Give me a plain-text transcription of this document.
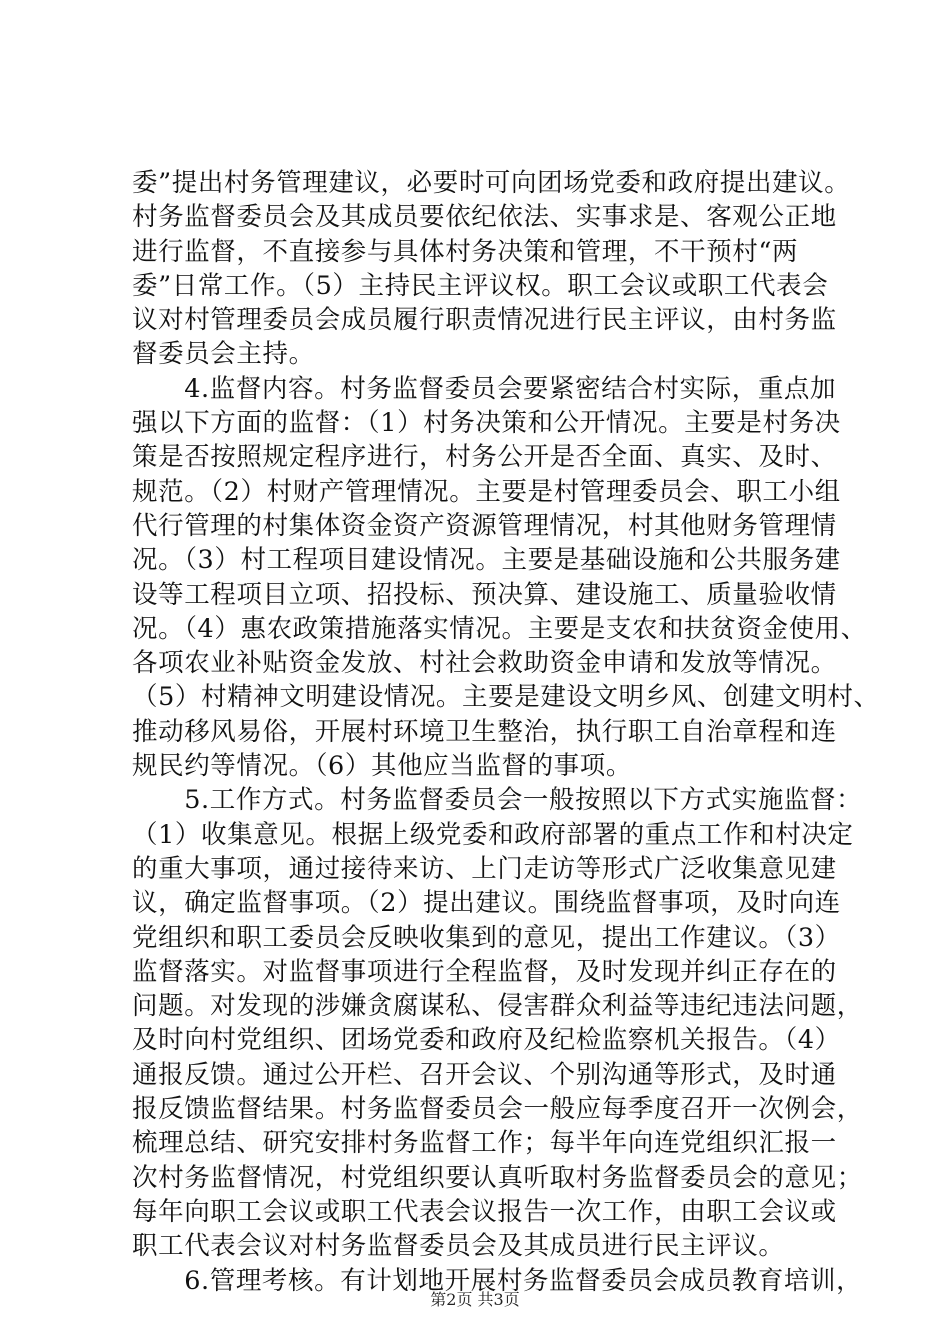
委”提出村务管理建议，必要时可向团场党委和政府提出建议。
村务监督委员会及其成员要依纪依法、实事求是、客观公正地
进行监督，不直接参与具体村务决策和管理，不干预村“两
委”日常工作。（5）主持民主评议权。职工会议或职工代表会
议对村管理委员会成员履行职责情况进行民主评议，由村务监
督委员会主持。
　　4.监督内容。村务监督委员会要紧密结合村实际，重点加
强以下方面的监督：（1）村务决策和公开情况。主要是村务决
策是否按照规定程序进行，村务公开是否全面、真实、及时、
规范。（2）村财产管理情况。主要是村管理委员会、职工小组
代行管理的村集体资金资产资源管理情况，村其他财务管理情
况。（3）村工程项目建设情况。主要是基础设施和公共服务建
设等工程项目立项、招投标、预决算、建设施工、质量验收情
况。（4）惠农政策措施落实情况。主要是支农和扶贫资金使用、
各项农业补贴资金发放、村社会救助资金申请和发放等情况。
（5）村精神文明建设情况。主要是建设文明乡风、创建文明村、
推动移风易俗，开展村环境卫生整治，执行职工自治章程和连
规民约等情况。（6）其他应当监督的事项。
　　5.工作方式。村务监督委员会一般按照以下方式实施监督：
（1）收集意见。根据上级党委和政府部署的重点工作和村决定
的重大事项，通过接待来访、上门走访等形式广泛收集意见建
议，确定监督事项。（2）提出建议。围绕监督事项，及时向连
党组织和职工委员会反映收集到的意见，提出工作建议。（3）
监督落实。对监督事项进行全程监督，及时发现并纠正存在的
问题。对发现的涉嫌贪腐谋私、侵害群众利益等违纪违法问题，
及时向村党组织、团场党委和政府及纪检监察机关报告。（4）
通报反馈。通过公开栏、召开会议、个别沟通等形式，及时通
报反馈监督结果。村务监督委员会一般应每季度召开一次例会，
梳理总结、研究安排村务监督工作；每半年向连党组织汇报一
次村务监督情况，村党组织要认真听取村务监督委员会的意见；
每年向职工会议或职工代表会议报告一次工作，由职工会议或
职工代表会议对村务监督委员会及其成员进行民主评议。
　　6.管理考核。有计划地开展村务监督委员会成员教育培训，
第2页 共3页
